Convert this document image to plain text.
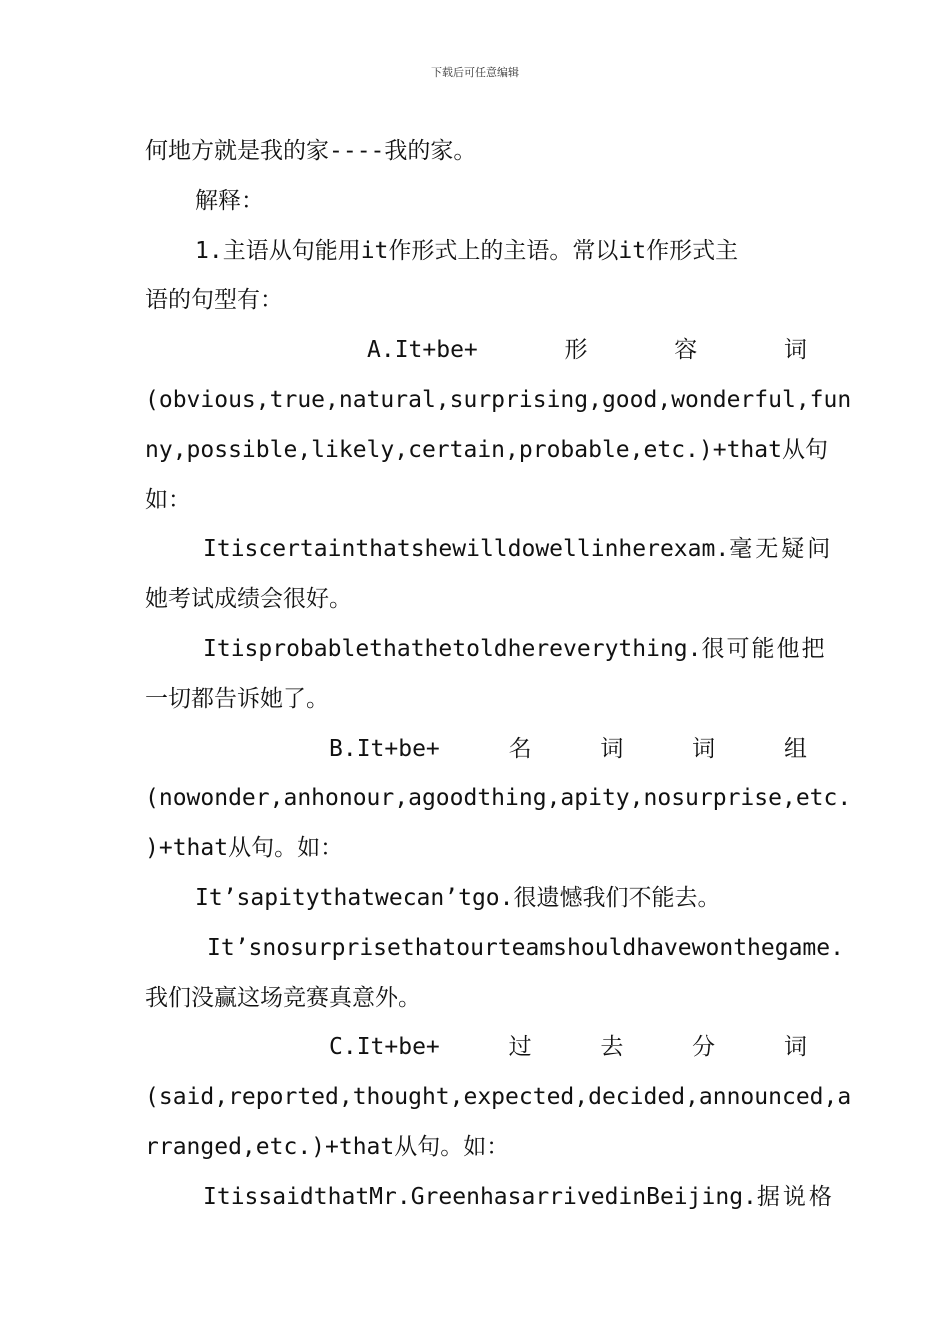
下载后可任意编辑
何地方就是我的家----我的家。
解释：
1.主语从句能用it作形式上的主语。常以it作形式主
语的句型有：
A.It+be+	形	容	词
(obvious,true,natural,surprising,good,wonderful,fun
ny,possible,likely,certain,probable,etc.)+that 从 句
如：
Itiscertainthatshewilldowellinherexam. 毫无疑问
她考试成绩会很好。
Itisprobablethathetoldhereverything. 很可能他把
一切都告诉她了。
B.It+be+	名	词	词	组
(nowonder,anhonour,agoodthing,apity,nosurprise,etc.
)+that从句。如：
It’sapitythatwecan’tgo.很遗憾我们不能去。
It’snosurprisethatourteamshouldhavewonthegame.
我们没赢这场竞赛真意外。
C.It+be+	过	去	分	词
(said,reported,thought,expected,decided,announced,a
rranged,etc.)+that从句。如：
ItissaidthatMr.GreenhasarrivedinBeijing. 据说格
